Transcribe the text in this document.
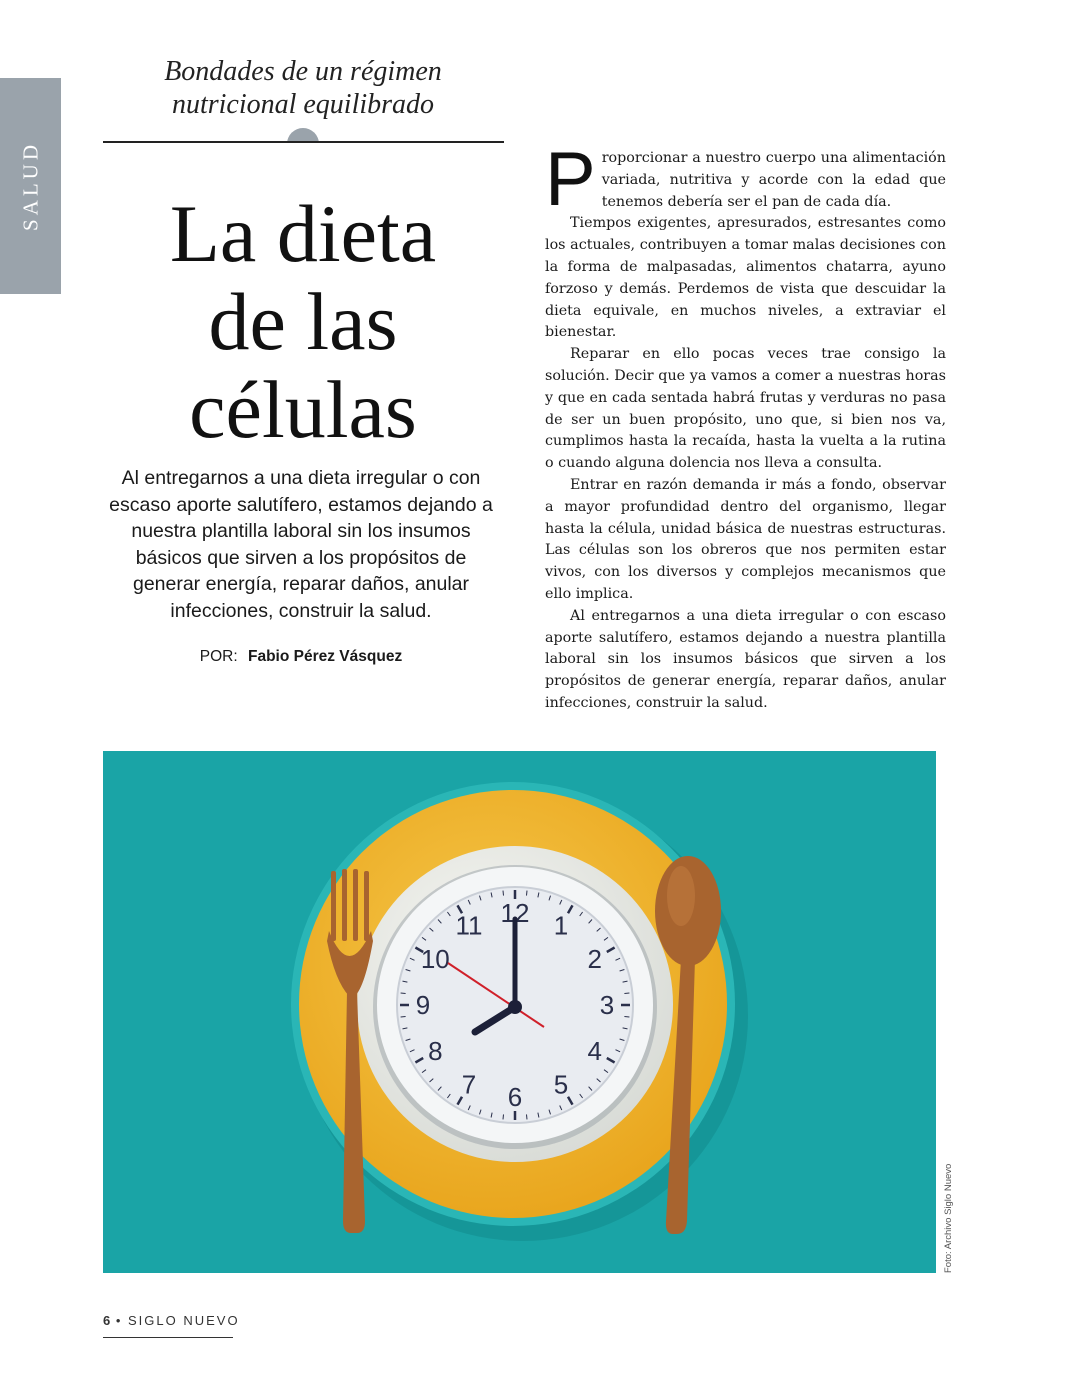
SALUD
Bondades de un régimen
nutricional equilibrado
La dieta
de las
células
Al entregarnos a una dieta irregular o con escaso aporte salutífero, estamos dejando a nuestra plantilla laboral sin los insumos básicos que sirven a los propósitos de generar energía, reparar daños, anular infecciones, construir la salud.
POR: Fabio Pérez Vásquez

Proporcionar a nuestro cuerpo una alimentación variada, nutritiva y acorde con la edad que tenemos debería ser el pan de cada día.

Tiempos exigentes, apresurados, estresantes como los actuales, contribuyen a tomar malas decisiones con la forma de malpasadas, alimentos chatarra, ayuno forzoso y demás. Perdemos de vista que descuidar la dieta equivale, en muchos niveles, a extraviar el bienestar.

Reparar en ello pocas veces trae consigo la solución. Decir que ya vamos a comer a nuestras horas y que en cada sentada habrá frutas y verduras no pasa de ser un buen propósito, uno que, si bien nos va, cumplimos hasta la recaída, hasta la vuelta a la rutina o cuando alguna dolencia nos lleva a consulta.

Entrar en razón demanda ir más a fondo, observar a mayor profundidad dentro del organismo, llegar hasta la célula, unidad básica de nuestras estructuras. Las células son los obreros que nos permiten estar vivos, con los diversos y complejos mecanismos que ello implica.

Al entregarnos a una dieta irregular o con escaso aporte salutífero, estamos dejando a nuestra plantilla laboral sin los insumos básicos que sirven a los propósitos de generar energía, reparar daños, anular infecciones, construir la salud.

12 1
2
3
4
5
6
7
8
9
10
11
Foto: Archivo Siglo Nuevo
6 • SIGLO NUEVO
